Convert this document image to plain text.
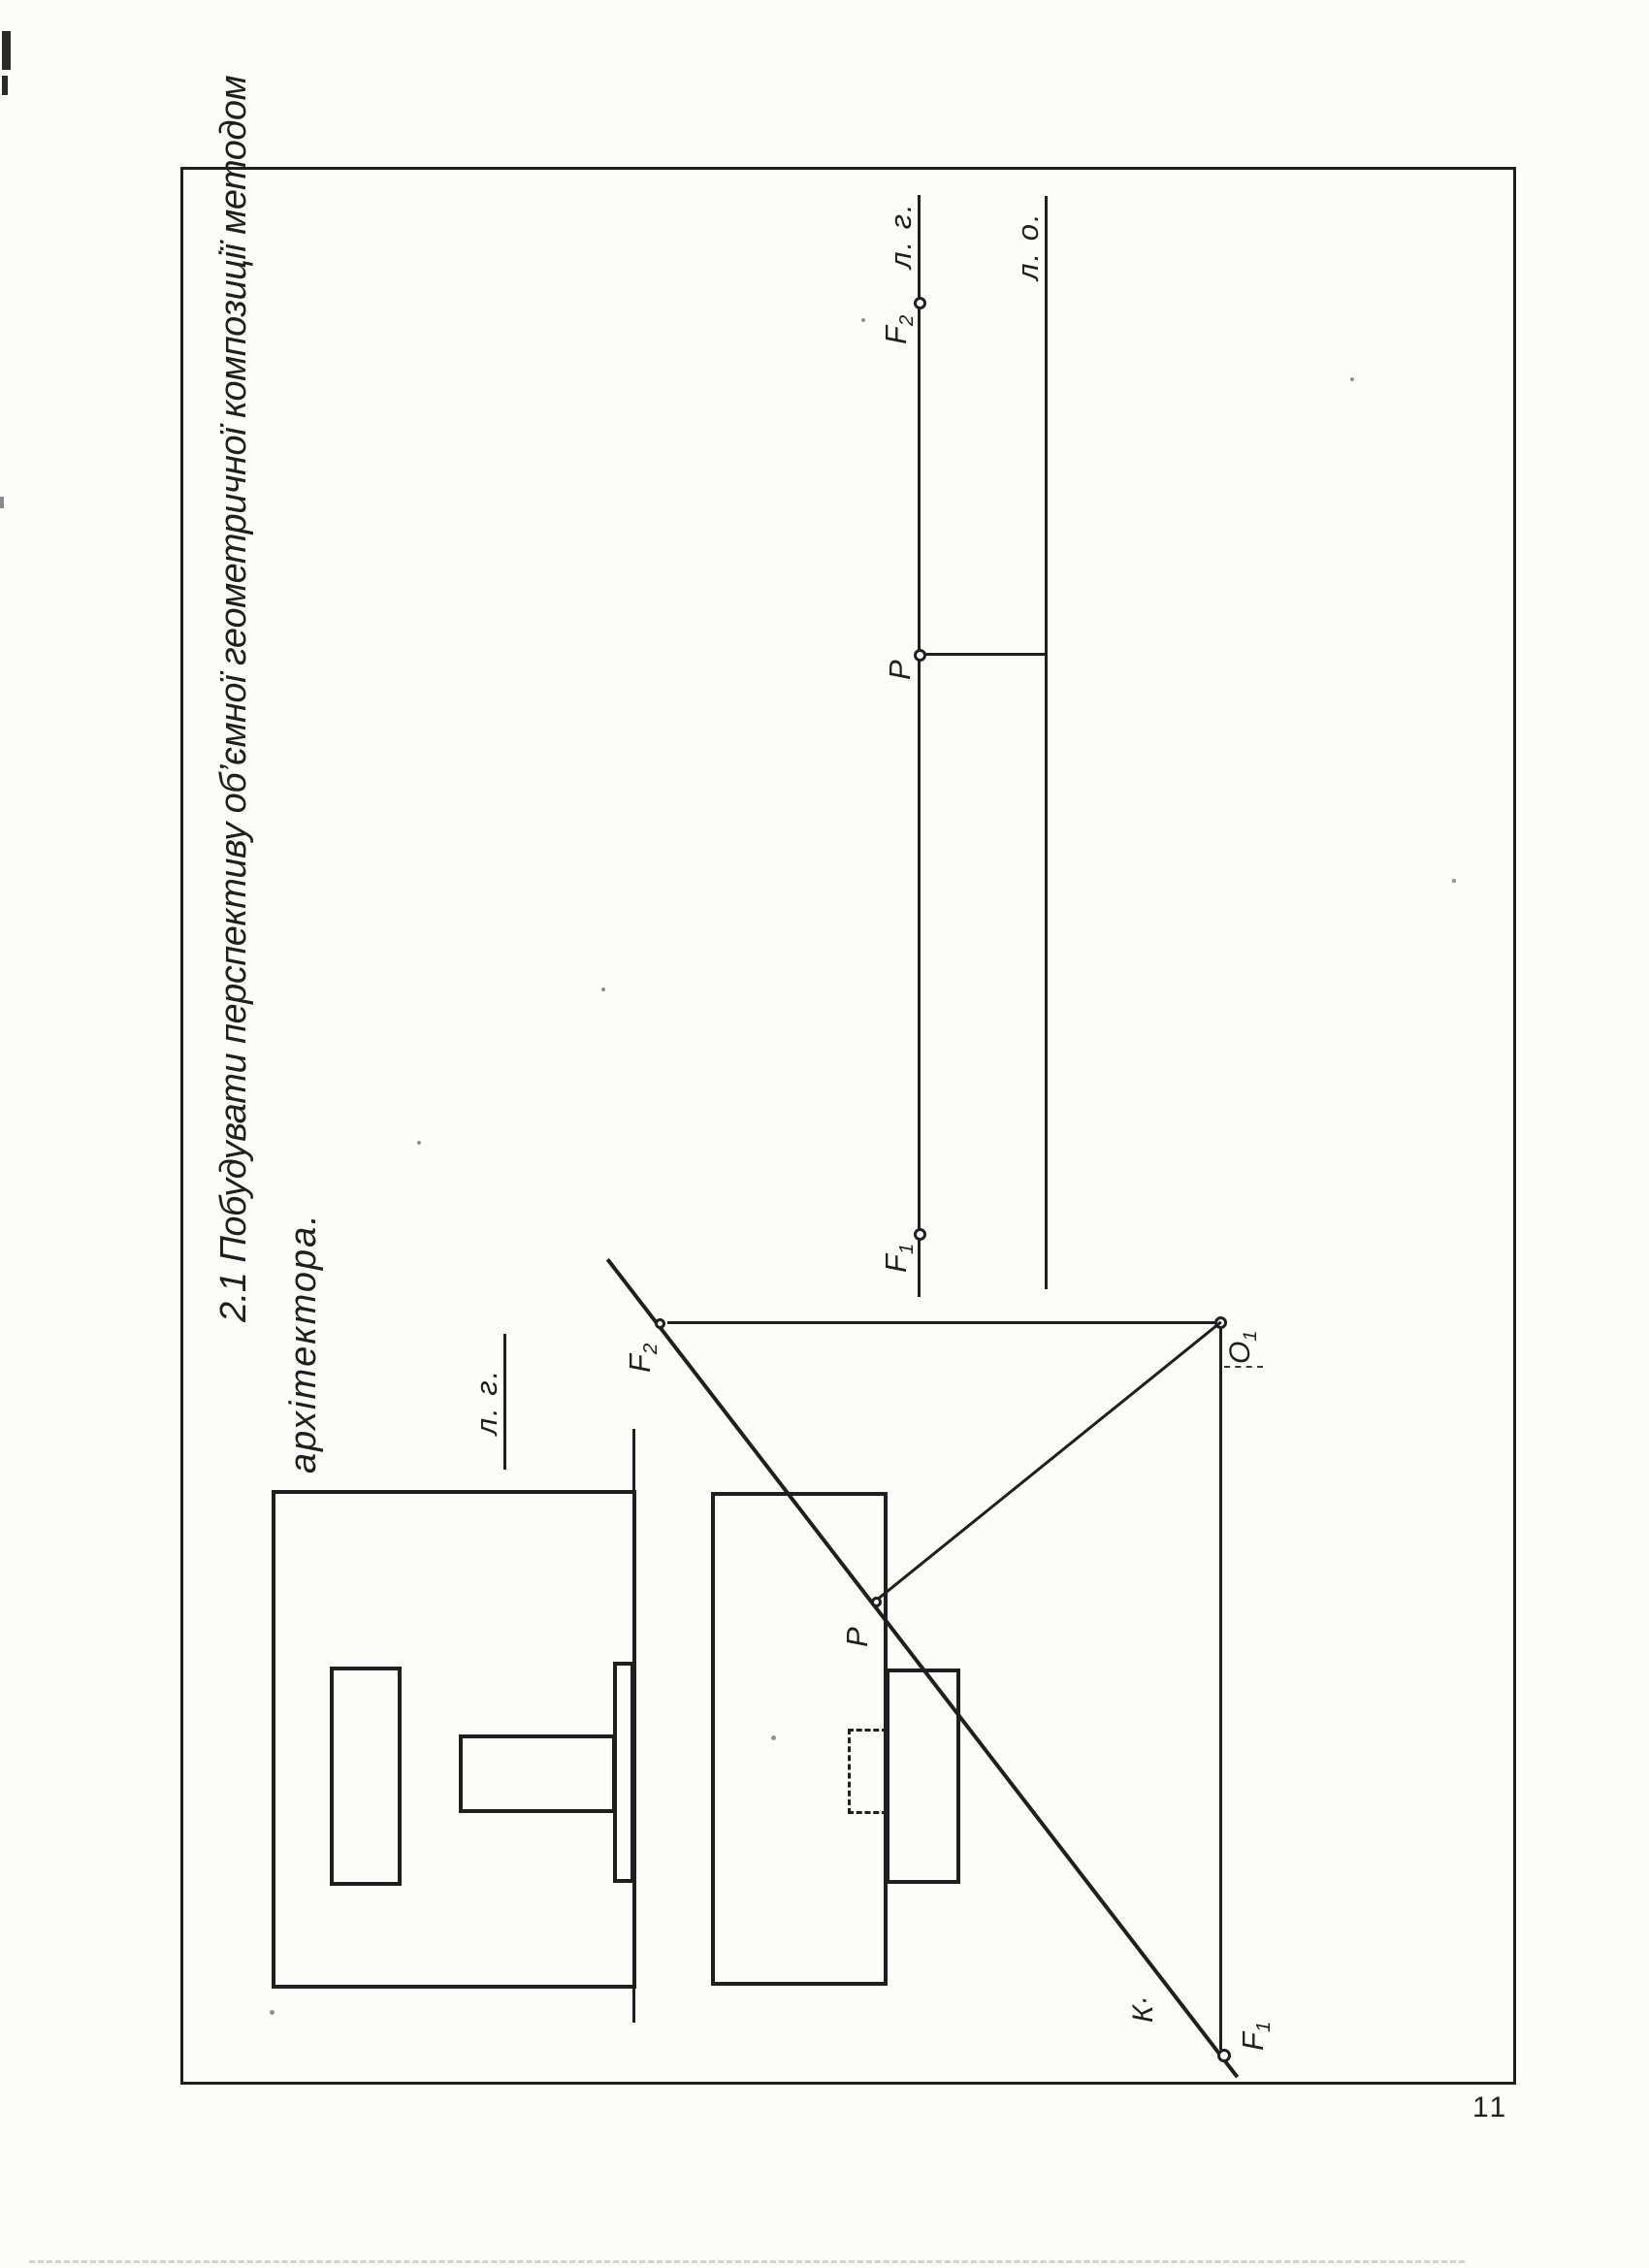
2.1 Побудувати перспективу об’ємної геометричної композиції методом
архітектора.
л. г.	л. о.
$F_2$
P
$F_1$
л. г.
К·
$F_2$	$O_1$
P
$F_1$
11
